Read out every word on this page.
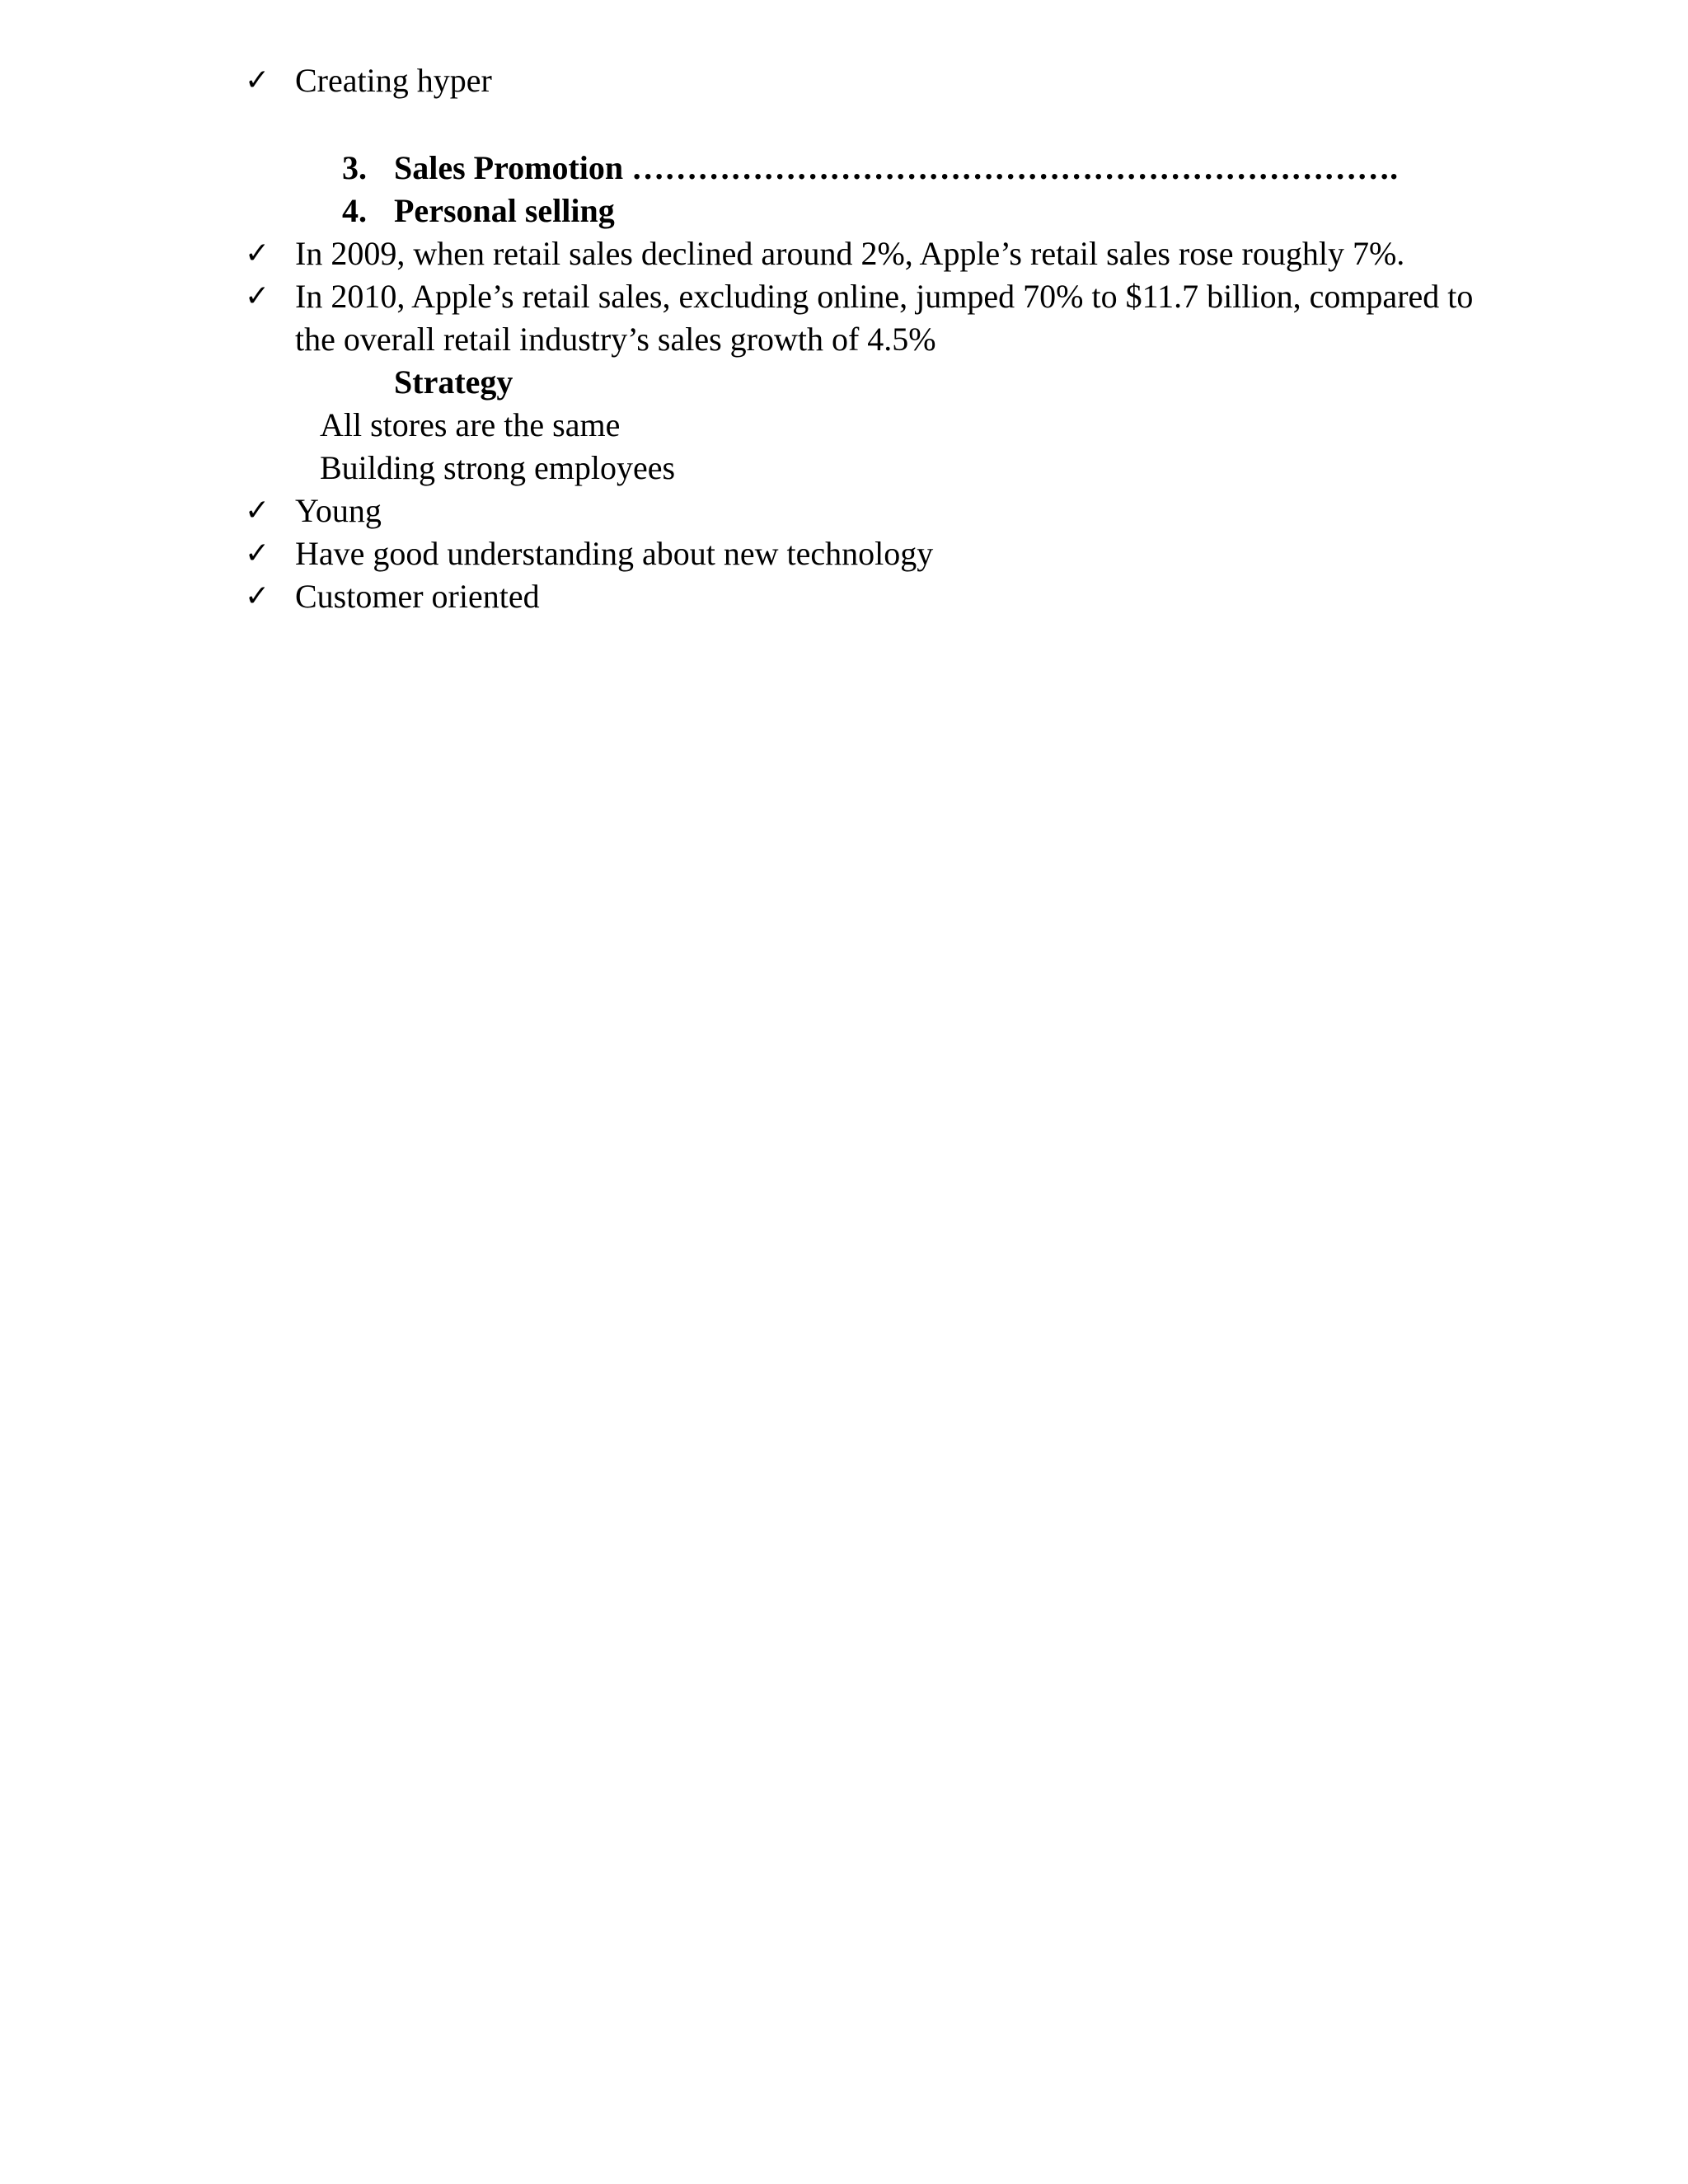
✓ Creating hyper
3. Sales Promotion …………………………………………………………….
4. Personal selling
✓ In 2009, when retail sales declined around 2%, Apple’s retail sales rose roughly 7%.
✓ In 2010, Apple’s retail sales, excluding online, jumped 70% to $11.7 billion, compared to
the overall retail industry’s sales growth of 4.5%
Strategy
All stores are the same
Building strong employees
✓ Young
✓ Have good understanding about new technology
✓ Customer oriented
